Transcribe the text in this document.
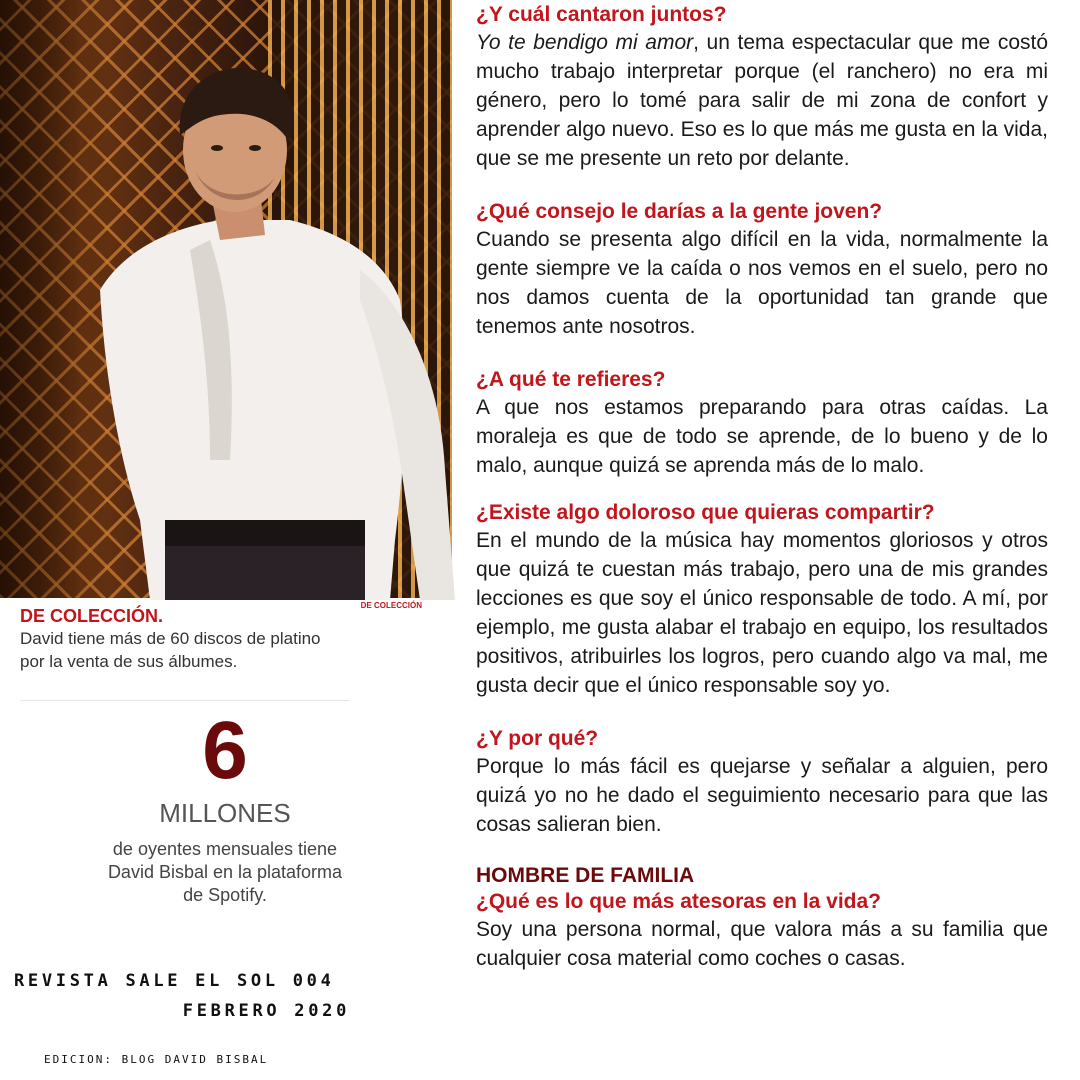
DE COLECCIÓN
DE COLECCIÓN.
David tiene más de 60 discos de platino por la venta de sus álbumes.
6
MILLONES
de oyentes mensuales tiene David Bisbal en la plataforma de Spotify.
REVISTA SALE EL SOL 004
FEBRERO 2020
EDICION: BLOG DAVID BISBAL

¿Y cuál cantaron juntos?

Yo te bendigo mi amor, un tema espectacular que me costó mucho trabajo interpretar porque (el ranchero) no era mi género, pero lo tomé para salir de mi zona de confort y aprender algo nuevo. Eso es lo que más me gusta en la vida, que se me presente un reto por delante.

¿Qué consejo le darías a la gente joven?

Cuando se presenta algo difícil en la vida, normalmente la gente siempre ve la caída o nos vemos en el suelo, pero no nos damos cuenta de la oportunidad tan grande que tenemos ante nosotros.

¿A qué te refieres?

A que nos estamos preparando para otras caídas. La moraleja es que de todo se aprende, de lo bueno y de lo malo, aunque quizá se aprenda más de lo malo.

¿Existe algo doloroso que quieras compartir?

En el mundo de la música hay momentos gloriosos y otros que quizá te cuestan más trabajo, pero una de mis grandes lecciones es que soy el único responsable de todo. A mí, por ejemplo, me gusta alabar el trabajo en equipo, los resultados positivos, atribuirles los logros, pero cuando algo va mal, me gusta decir que el único responsable soy yo.

¿Y por qué?

Porque lo más fácil es quejarse y señalar a alguien, pero quizá yo no he dado el seguimiento necesario para que las cosas salieran bien.

HOMBRE DE FAMILIA

¿Qué es lo que más atesoras en la vida?

Soy una persona normal, que valora más a su familia que cualquier cosa material como coches o casas.
